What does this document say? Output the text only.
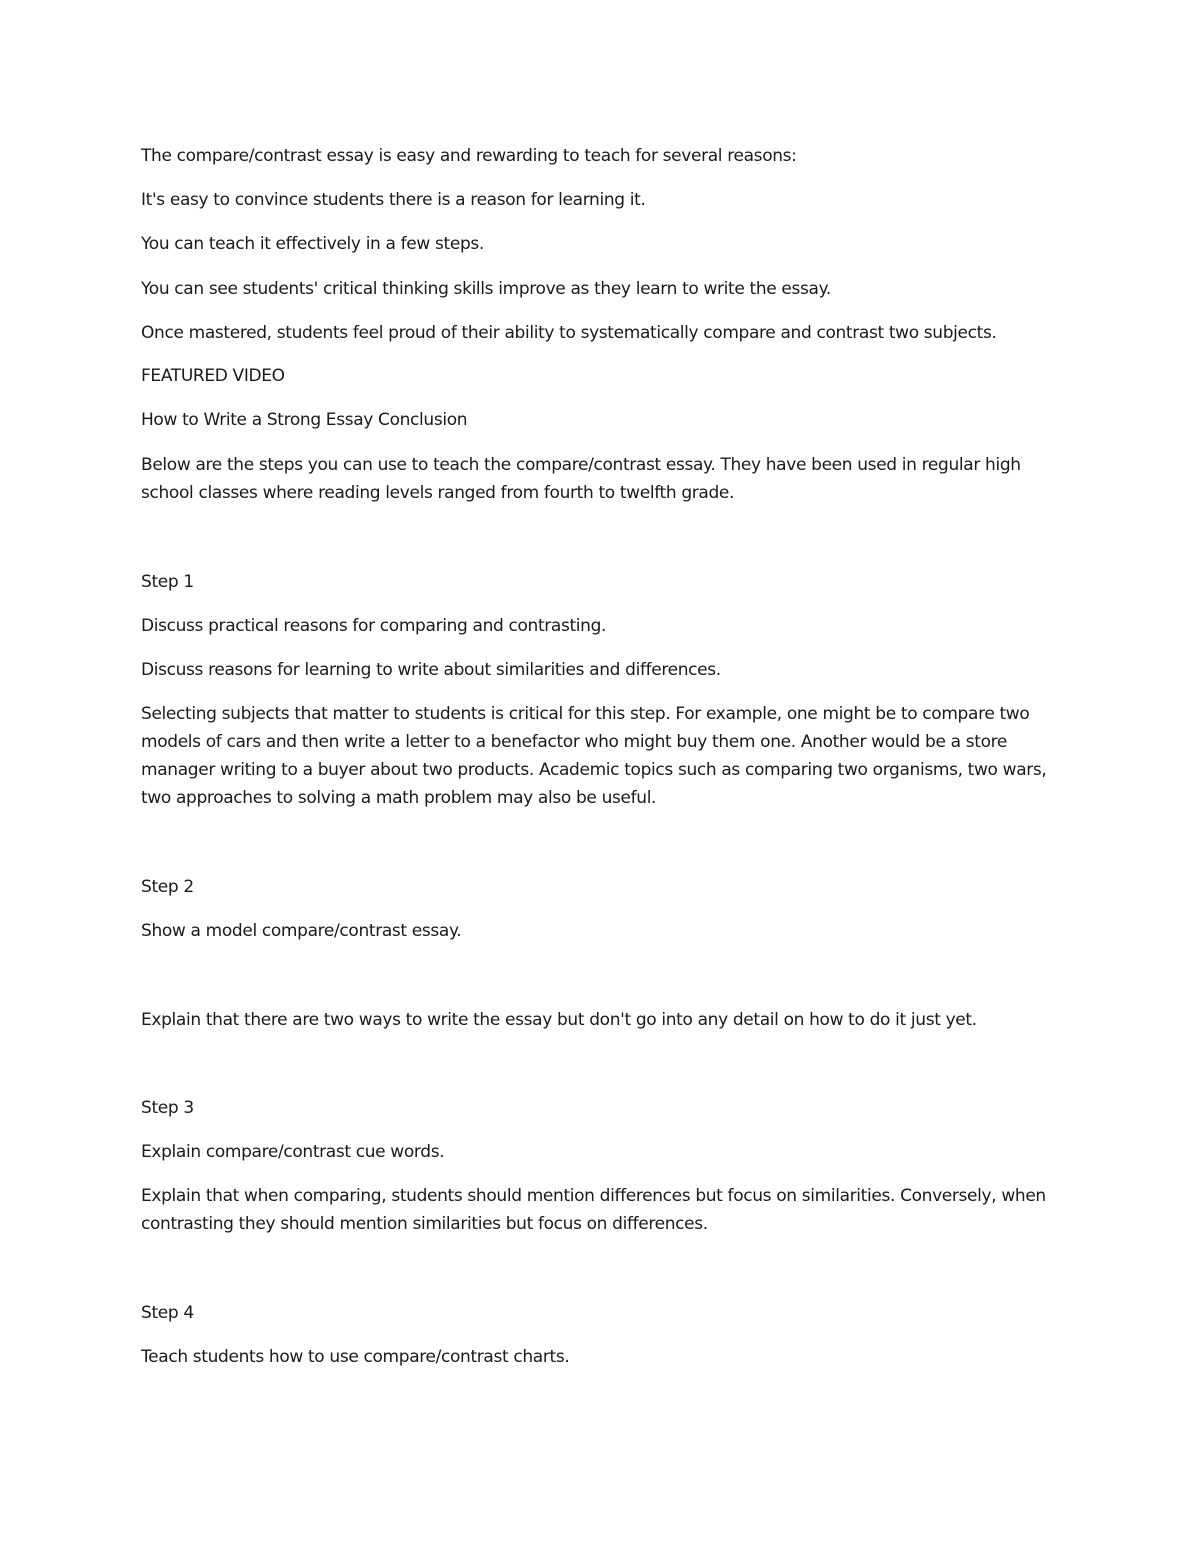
The compare/contrast essay is easy and rewarding to teach for several reasons:

It's easy to convince students there is a reason for learning it.

You can teach it effectively in a few steps.

You can see students' critical thinking skills improve as they learn to write the essay.

Once mastered, students feel proud of their ability to systematically compare and contrast two subjects.

FEATURED VIDEO

How to Write a Strong Essay Conclusion

Below are the steps you can use to teach the compare/contrast essay. They have been used in regular high school classes where reading levels ranged from fourth to twelfth grade.

Step 1

Discuss practical reasons for comparing and contrasting.

Discuss reasons for learning to write about similarities and differences.

Selecting subjects that matter to students is critical for this step. For example, one might be to compare two models of cars and then write a letter to a benefactor who might buy them one. Another would be a store manager writing to a buyer about two products. Academic topics such as comparing two organisms, two wars, two approaches to solving a math problem may also be useful.

Step 2

Show a model compare/contrast essay.

Explain that there are two ways to write the essay but don't go into any detail on how to do it just yet.

Step 3

Explain compare/contrast cue words.

Explain that when comparing, students should mention differences but focus on similarities. Conversely, when contrasting they should mention similarities but focus on differences.

Step 4

Teach students how to use compare/contrast charts.
